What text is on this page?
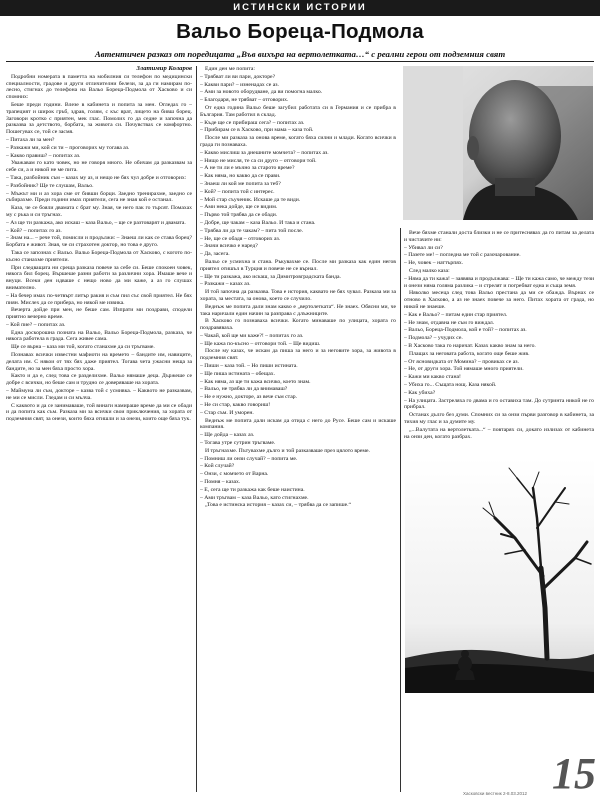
ИСТИНСКИ ИСТОРИИ
Вальо Бореца-Подмола
Автентичен разказ от поредицата „Във вихъра на вертолетката…“ с реални герои от подземния свят

Златимир Коларов

Подробни номерата в паметта на мобилния си телефон по медицински специалности, градове и други отличителни белези, за да ги намирам по-лесно, стигнах до телефона на Вальо Бореца-Подмола от Хасково и си спомних:

Беше преди години. Влезе в кабинета и попита за мен. Огледах го – трапецият и широк гръб, здрав, голям, с къс врат, лицето на бивш борец. Заговори кротко с приятен, мек глас. Помолих го да седне и започна да разказва за детството, борбата, за живота си. Почувствах се комфортно. Пошегувах се, той се засмя.

– Питаха ли за мен?

– Разкажи ми, кой си ти – проговорих му тогава аз.

– Какво правиш? – попитах аз.

Уважавам го като човек, но не говоря много. Не обичам да разказвам за себе си, а и никой не ме пита.

– Така, разбойник съм – казах му аз, и нещо не бях чул добре и отговорих:

– Разбойник? Ще те слушам, Вальо.

– Мъжът ми и аз хора сме от бивши борци. Заедно тренирахме, заедно се събирахме. Преди години имах приятели, сега не зная кой е останал.

Каза, че се бояли двамата с брат му. Зная, че него пак го търсят. Помахах му с ръка и си тръгнах.

– Аз ще ти разкажа, ако искаш – каза Вальо, – ще се разтоварят и двамата.

– Кой? – попитах го аз.

– Знам на... – рече той, помисли и продължи: – Знаеш ли как се става борец? Борбата е живот. Зная, че си страхотен доктор, но това е друго.

Така се запознах с Вальо. Вальо Бореца-Подмола от Хасково, с когото по-късно станахме приятели.

При следващата ни среща разказа повече за себе си. Беше спокоен човек, някога бил борец. Вършеше разни работи за различни хора. Имаше вече и внуци. Всеки ден идваше с нещо ново да ми каже, а аз го слушах внимателно.

– На бечер имах по-четвърт литър ракия и съм пил със свой приятел. Не бях пиян. Мислех да се прибера, но някой ме извика.

Вечерта дойде при мен, не беше сам. Изпрати ми поздрави, сподели приятно вечерно време.

– Кой пие? – попитах аз.

Една доскорошна позната на Вальо, Вальо Бореца-Подмола, разказа, че някога работела в града. Сега живее сама.

Ще се върна – каза ми той, когато станахме да си тръгваме.

Познавах всички известни мафиоти на времето – бандите им, навиците, делата им. С някои от тях бях даже приятел. Тогава чета ужасни неща за бандите, но за мен бяха просто хора.

Както и да е, след това се разделихме. Вальо нямаше деца. Държеше се добре с всички, но беше сам и трудно се доверяваше на хората.

– Маймуна ли съм, докторе – казва той с усмивка. – Каквото не разказвам, не ми се мисли. Гледам и си мълча.

С каквото и да се занимаваше, той винаги намираше време да ми се обади и да попита как съм. Разказа ми за всички свои приключения, за хората от подземния свят, за онези, които бяха отишли и за онези, които още бяха тук.

Един ден ме попита:

– Трябват ли ви пари, докторе?

– Какви пари? – изненадах се аз.

– Ами за новото оборудване, да ви помогна малко.

– Благодаря, не трябват – отговорих.

От една година Вальо беше загубил работата си в Германия и се прибра в България. Там работил в склад.

– Къде ще се прибираш сега? – попитах аз.

– Прибирам се в Хасково, при мама – каза той.

После ми разказа за онова време, когато бяха силни и млади. Когато всички в града ги познаваха.

– Какво мислиш за днешните момчета? – попитах аз.

– Нищо не мисля, те са си друго – отговори той.

– А не ти ли е мъчно за старото време?

– Как няма, но какво да се прави.

– Знаеш ли кой ме попита за теб?

– Кой? – попита той с интерес.

– Мой стар съученик. Искаше да те види.

– Ами нека дойде, ще се видим.

– Първо той трябва да се обади.

– Добре, ще чакам – каза Вальо. И така и стана.

– Трябва ли да те чакам? – пита той после.

– Не, ще се обадя – отговорих аз.

– Значи всичко е наред?

– Да, засега.

Вальо се усмихна и стана. Ръкувахме се. После ми разказа как един негов приятел отишъл в Турция и повече не се върнал.

– Ще ти разкажа, ако искаш, за Димитровградската банда.

– Разкажи – казах аз.

И той започна да разказва. Това е история, каквато не бях чувал. Разказа ми за хората, за местата, за онова, което се случило.

Веднъж ме попита дали знам какво е „вертолетката“. Не знаех. Обясни ми, че така наричали един начин за разправа с длъжниците.

В Хасково го познаваха всички. Когато минаваше по улицата, хората го поздравяваха.

– Чакай, кой ще ми каже?! – попитах го аз.

– Ще кажа по-късно – отговори той. – Ще видиш.

После му казах, че искам да пиша за него и за неговите хора, за живота в подземния свят.

– Пиши – каза той. – Но пиши истината.

– Ще пиша истината – обещах.

– Как няма, аз ще ти кажа всичко, което знам.

– Вальо, не трябва ли да внимаваш?

– Не е нужно, докторе, аз вече съм стар.

– Не си стар, какво говориш!

– Стар съм. И уморен.

Веднъж ме попита дали искам да отида с него до Русе. Беше сам и искаше компания.

– Ще дойда – казах аз.

– Тогава утре сутрин тръгваме.

И тръгнахме. Пътувахме дълго и той разказваше през цялото време.

– Помниш ли онзи случай? – попита ме.

– Кой случай?

– Онзи, с момчето от Варна.

– Помня – казах.

– Е, сега ще ти разкажа как беше наистина.

– Ами тръгвам – каза Вальо, като стигнахме.

„Това е истинска история – казах си, – трябва да се запише.“

Вече бяхме станали доста близки и не се притеснявах да го питам за делата и чистачите ни:

– Убивал ли си?

– Пазете ме! – погледна ме той с разочарование.

– Не, човек – наттърпях.

След малко каза:

– Няма да ти кажа! – заявява и продължава: – Ще ти кажа само, че между тези и онези няма голяма разлика – и стрелят и погребват една и съща земя.

Няколко месеца след това Вальо престана да ми се обажда. Върнах се отново в Хасково, а аз не знаех повече за него. Питах хората от града, но никой не знаеше.

– Как е Вальо? – питам един стар приятел.

– Не знам, отдавна не съм го виждал.

– Вальо, Бореца-Подмола, кой е той? – попитах аз.

– Подмола? – учудих се.

– В Хасково така го наричат. Казах какво знам за него.

Плащах за неговата работа, когато още беше жив.

– От ясновидката от Момина? – провиках се аз.

– Не, от други хора. Той нямаше много приятели.

– Кажи ми какво стана!

– Убиха го... Същата нощ. Каза някой.

– Как убиха?

– На улицата. Застреляха го двама и го оставиха там. До сутринта никой не го прибрал.

Останах дълго без думи. Спомних си за онзи първи разговор в кабинета, за тихия му глас и за думите му.

„...Валутата на вертолетката...“ – повтарях си, докато излизах от кабинета на онзи ден, когато разбрах.

15
Хасковски вестник 2-8.03.2012
